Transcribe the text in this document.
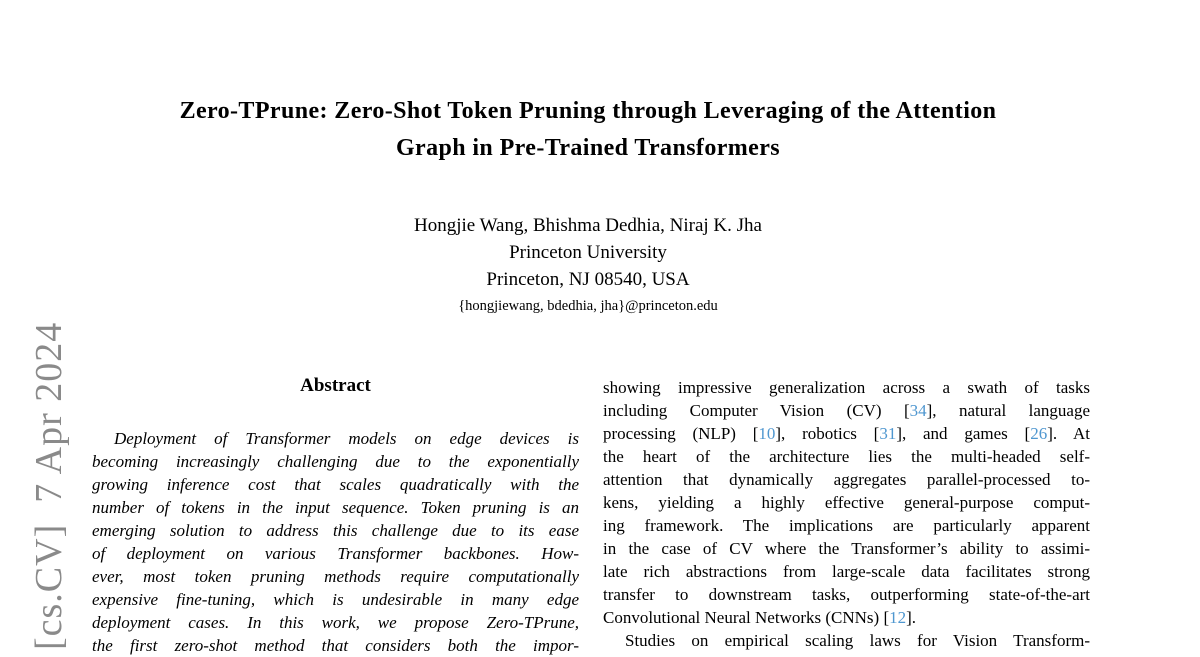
[cs.CV]  7 Apr 2024
Zero-TPrune: Zero-Shot Token Pruning through Leveraging of the Attention
Graph in Pre-Trained Transformers
Hongjie Wang, Bhishma Dedhia, Niraj K. Jha
Princeton University
Princeton, NJ 08540, USA
{hongjiewang, bdedhia, jha}@princeton.edu
Abstract
Deployment of Transformer models on edge devices is
becoming increasingly challenging due to the exponentially
growing inference cost that scales quadratically with the
number of tokens in the input sequence. Token pruning is an
emerging solution to address this challenge due to its ease
of deployment on various Transformer backbones. How-
ever, most token pruning methods require computationally
expensive fine-tuning, which is undesirable in many edge
deployment cases. In this work, we propose Zero-TPrune,
the first zero-shot method that considers both the impor-
showing impressive generalization across a swath of tasks
including Computer Vision (CV) [34], natural language
processing (NLP) [10], robotics [31], and games [26]. At
the heart of the architecture lies the multi-headed self-
attention that dynamically aggregates parallel-processed to-
kens, yielding a highly effective general-purpose comput-
ing framework. The implications are particularly apparent
in the case of CV where the Transformer’s ability to assimi-
late rich abstractions from large-scale data facilitates strong
transfer to downstream tasks, outperforming state-of-the-art
Convolutional Neural Networks (CNNs) [12].
Studies on empirical scaling laws for Vision Transform-
